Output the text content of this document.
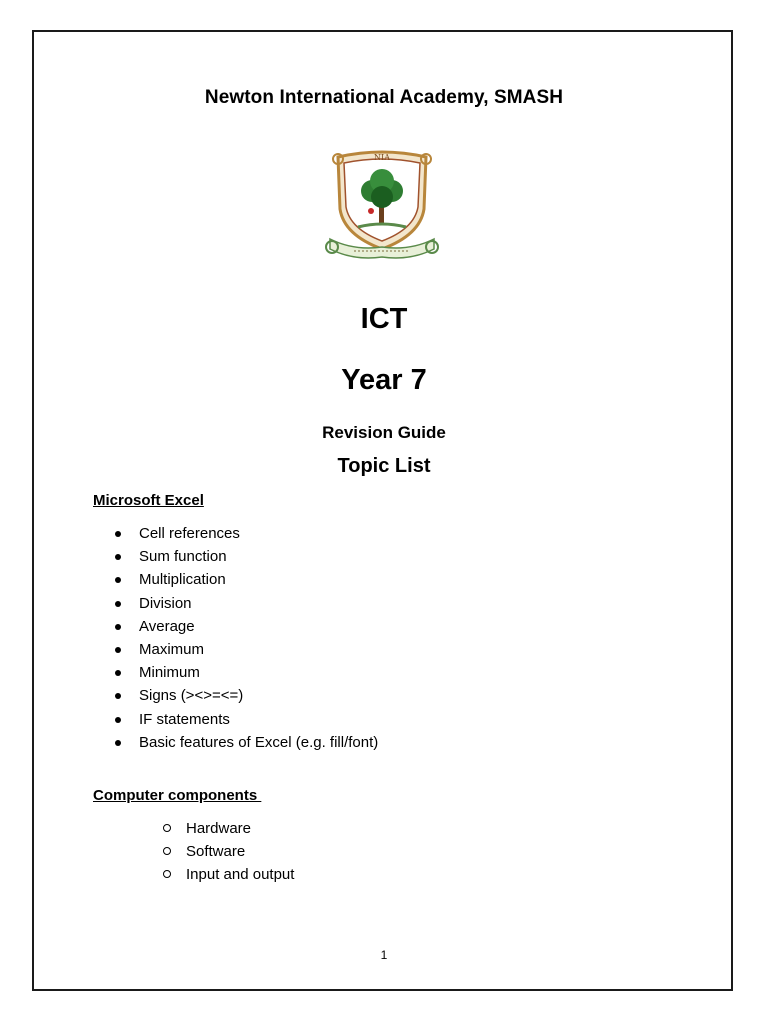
Newton International Academy, SMASH
NIA
ICT
Year 7
Revision Guide
Topic List
Microsoft Excel
Cell references
Sum function
Multiplication
Division
Average
Maximum
Minimum
Signs (><>=<=)
IF statements
Basic features of Excel (e.g. fill/font)
Computer components
Hardware
Software
Input and output
1
